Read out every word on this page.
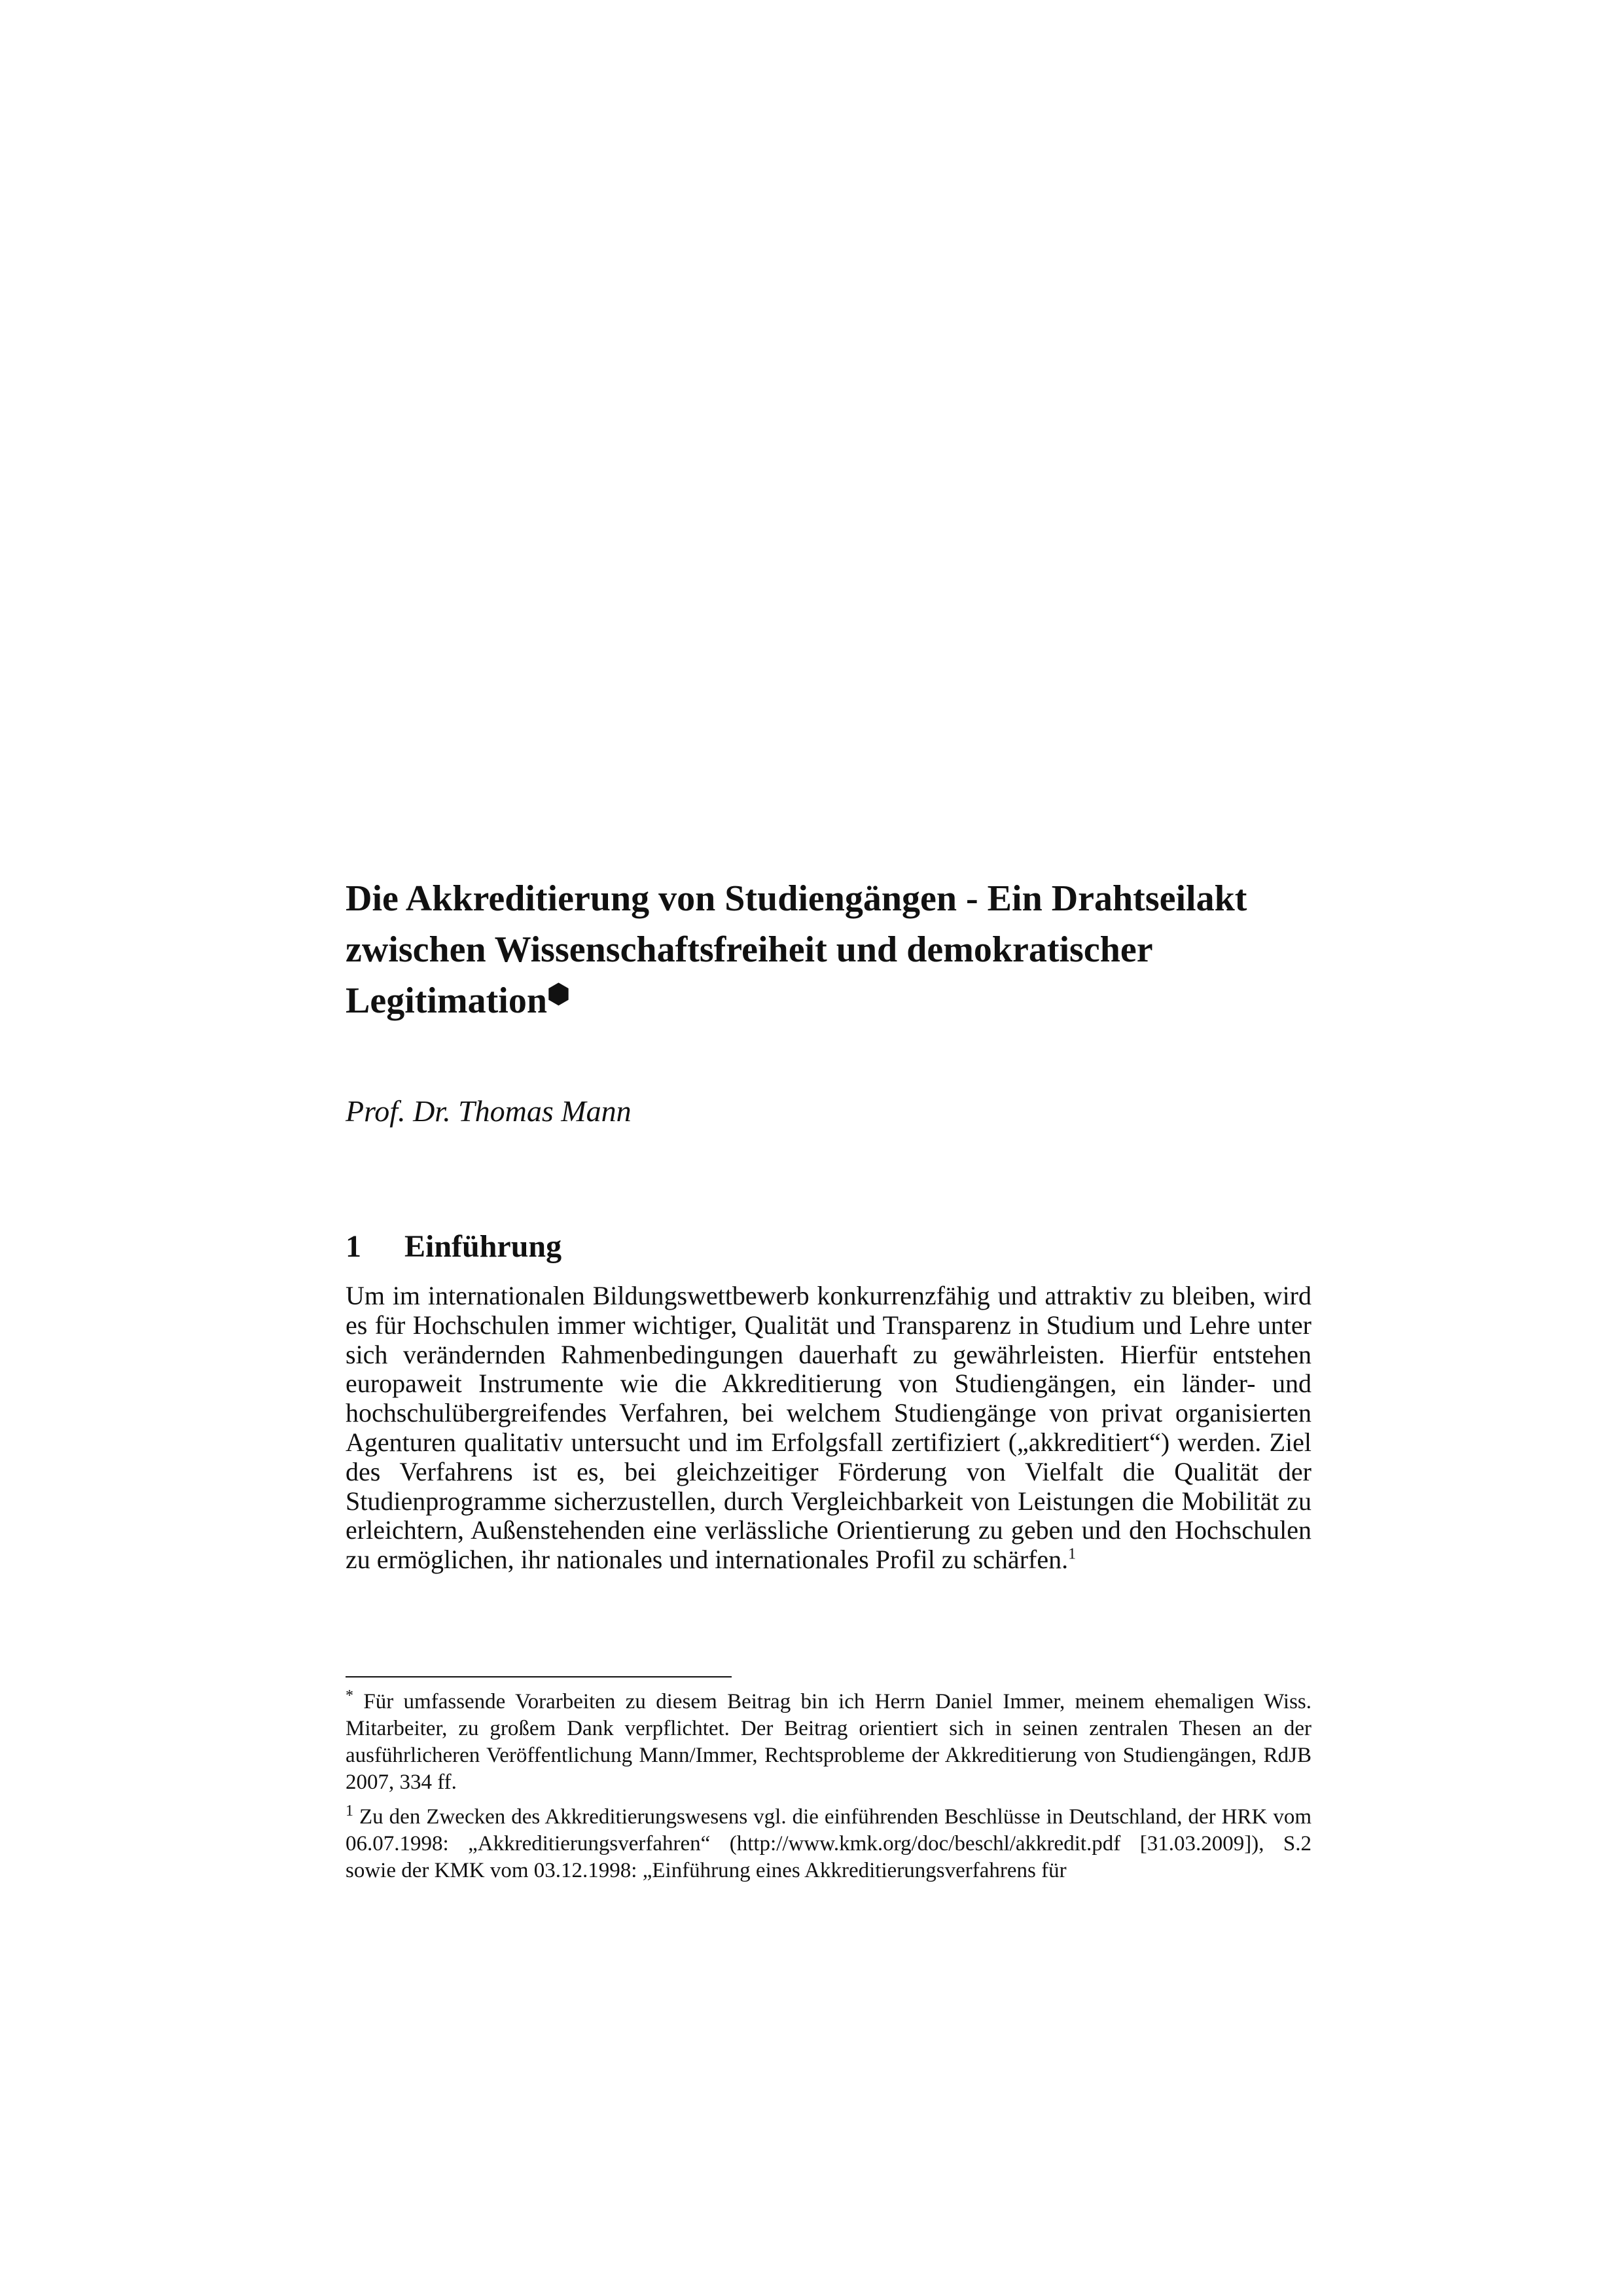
Die Akkreditierung von Studiengängen - Ein Drahtseilakt zwischen Wissenschaftsfreiheit und demokratischer Legitimation⬢
Prof. Dr. Thomas Mann
1 Einführung

Um im internationalen Bildungswettbewerb konkurrenzfähig und attraktiv zu bleiben, wird es für Hochschulen immer wichtiger, Qualität und Transparenz in Studium und Lehre unter sich verändernden Rahmenbedingungen dauerhaft zu gewährleisten. Hierfür entstehen europaweit Instrumente wie die Akkreditierung von Studiengängen, ein länder- und hochschulübergreifendes Verfahren, bei welchem Studiengänge von privat organisierten Agenturen qualitativ untersucht und im Erfolgsfall zertifiziert („akkreditiert“) werden. Ziel des Verfahrens ist es, bei gleichzeitiger Förderung von Vielfalt die Qualität der Studienprogramme sicherzustellen, durch Vergleichbarkeit von Leistungen die Mobilität zu erleichtern, Außenstehenden eine verlässliche Orientierung zu geben und den Hochschulen zu ermöglichen, ihr nationales und internationales Profil zu schärfen.$^1$

* Für umfassende Vorarbeiten zu diesem Beitrag bin ich Herrn Daniel Immer, meinem ehemaligen Wiss. Mitarbeiter, zu großem Dank verpflichtet. Der Beitrag orientiert sich in seinen zentralen Thesen an der ausführlicheren Veröffentlichung Mann/Immer, Rechtsprobleme der Akkreditierung von Studiengängen, RdJB 2007, 334 ff.

$^1$ Zu den Zwecken des Akkreditierungswesens vgl. die einführenden Beschlüsse in Deutschland, der HRK vom 06.07.1998: „Akkreditierungsverfahren“ (http://www.kmk.org/doc/beschl/akkredit.pdf [31.03.2009]), S.2 sowie der KMK vom 03.12.1998: „Einführung eines Akkreditierungsverfahrens für
